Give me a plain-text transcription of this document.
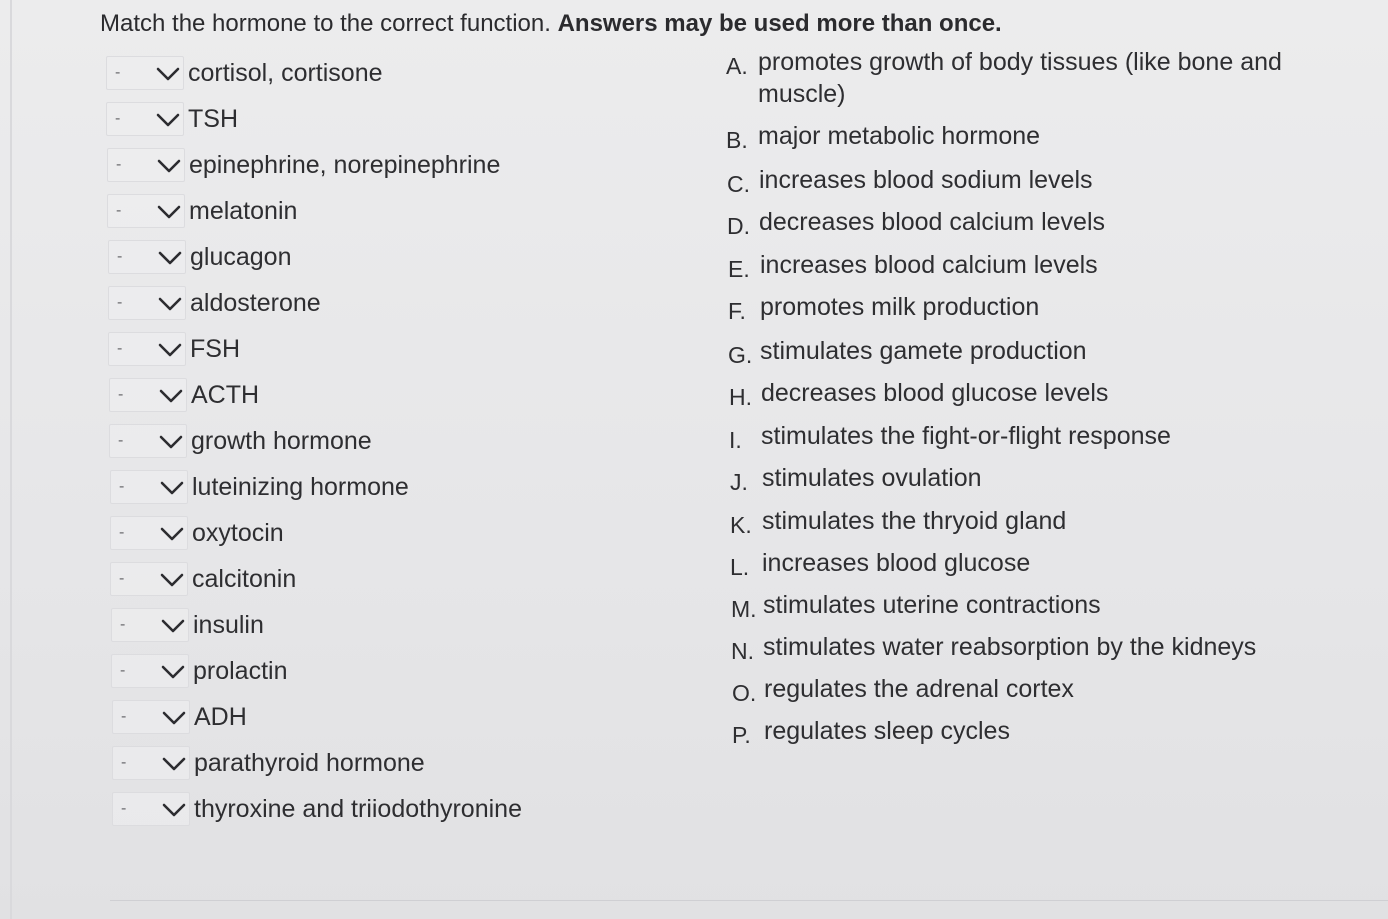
Match the hormone to the correct function. Answers may be used more than once.
-	cortisol, cortisone
-	TSH
-	epinephrine, norepinephrine
-	melatonin
-	glucagon
-	aldosterone
-	FSH
-	ACTH
-	growth hormone
-	luteinizing hormone
-	oxytocin
-	calcitonin
-	insulin
-	prolactin
-	ADH
-	parathyroid hormone
-	thyroxine and triiodothyronine
A. promotes growth of body tissues (like bone and muscle)
B. major metabolic hormone
C. increases blood sodium levels
D. decreases blood calcium levels
E. increases blood calcium levels
F. promotes milk production
G. stimulates gamete production
H. decreases blood glucose levels
I. stimulates the fight-or-flight response
J. stimulates ovulation
K. stimulates the thryoid gland
L. increases blood glucose
M. stimulates uterine contractions
N. stimulates water reabsorption by the kidneys
O. regulates the adrenal cortex
P. regulates sleep cycles
